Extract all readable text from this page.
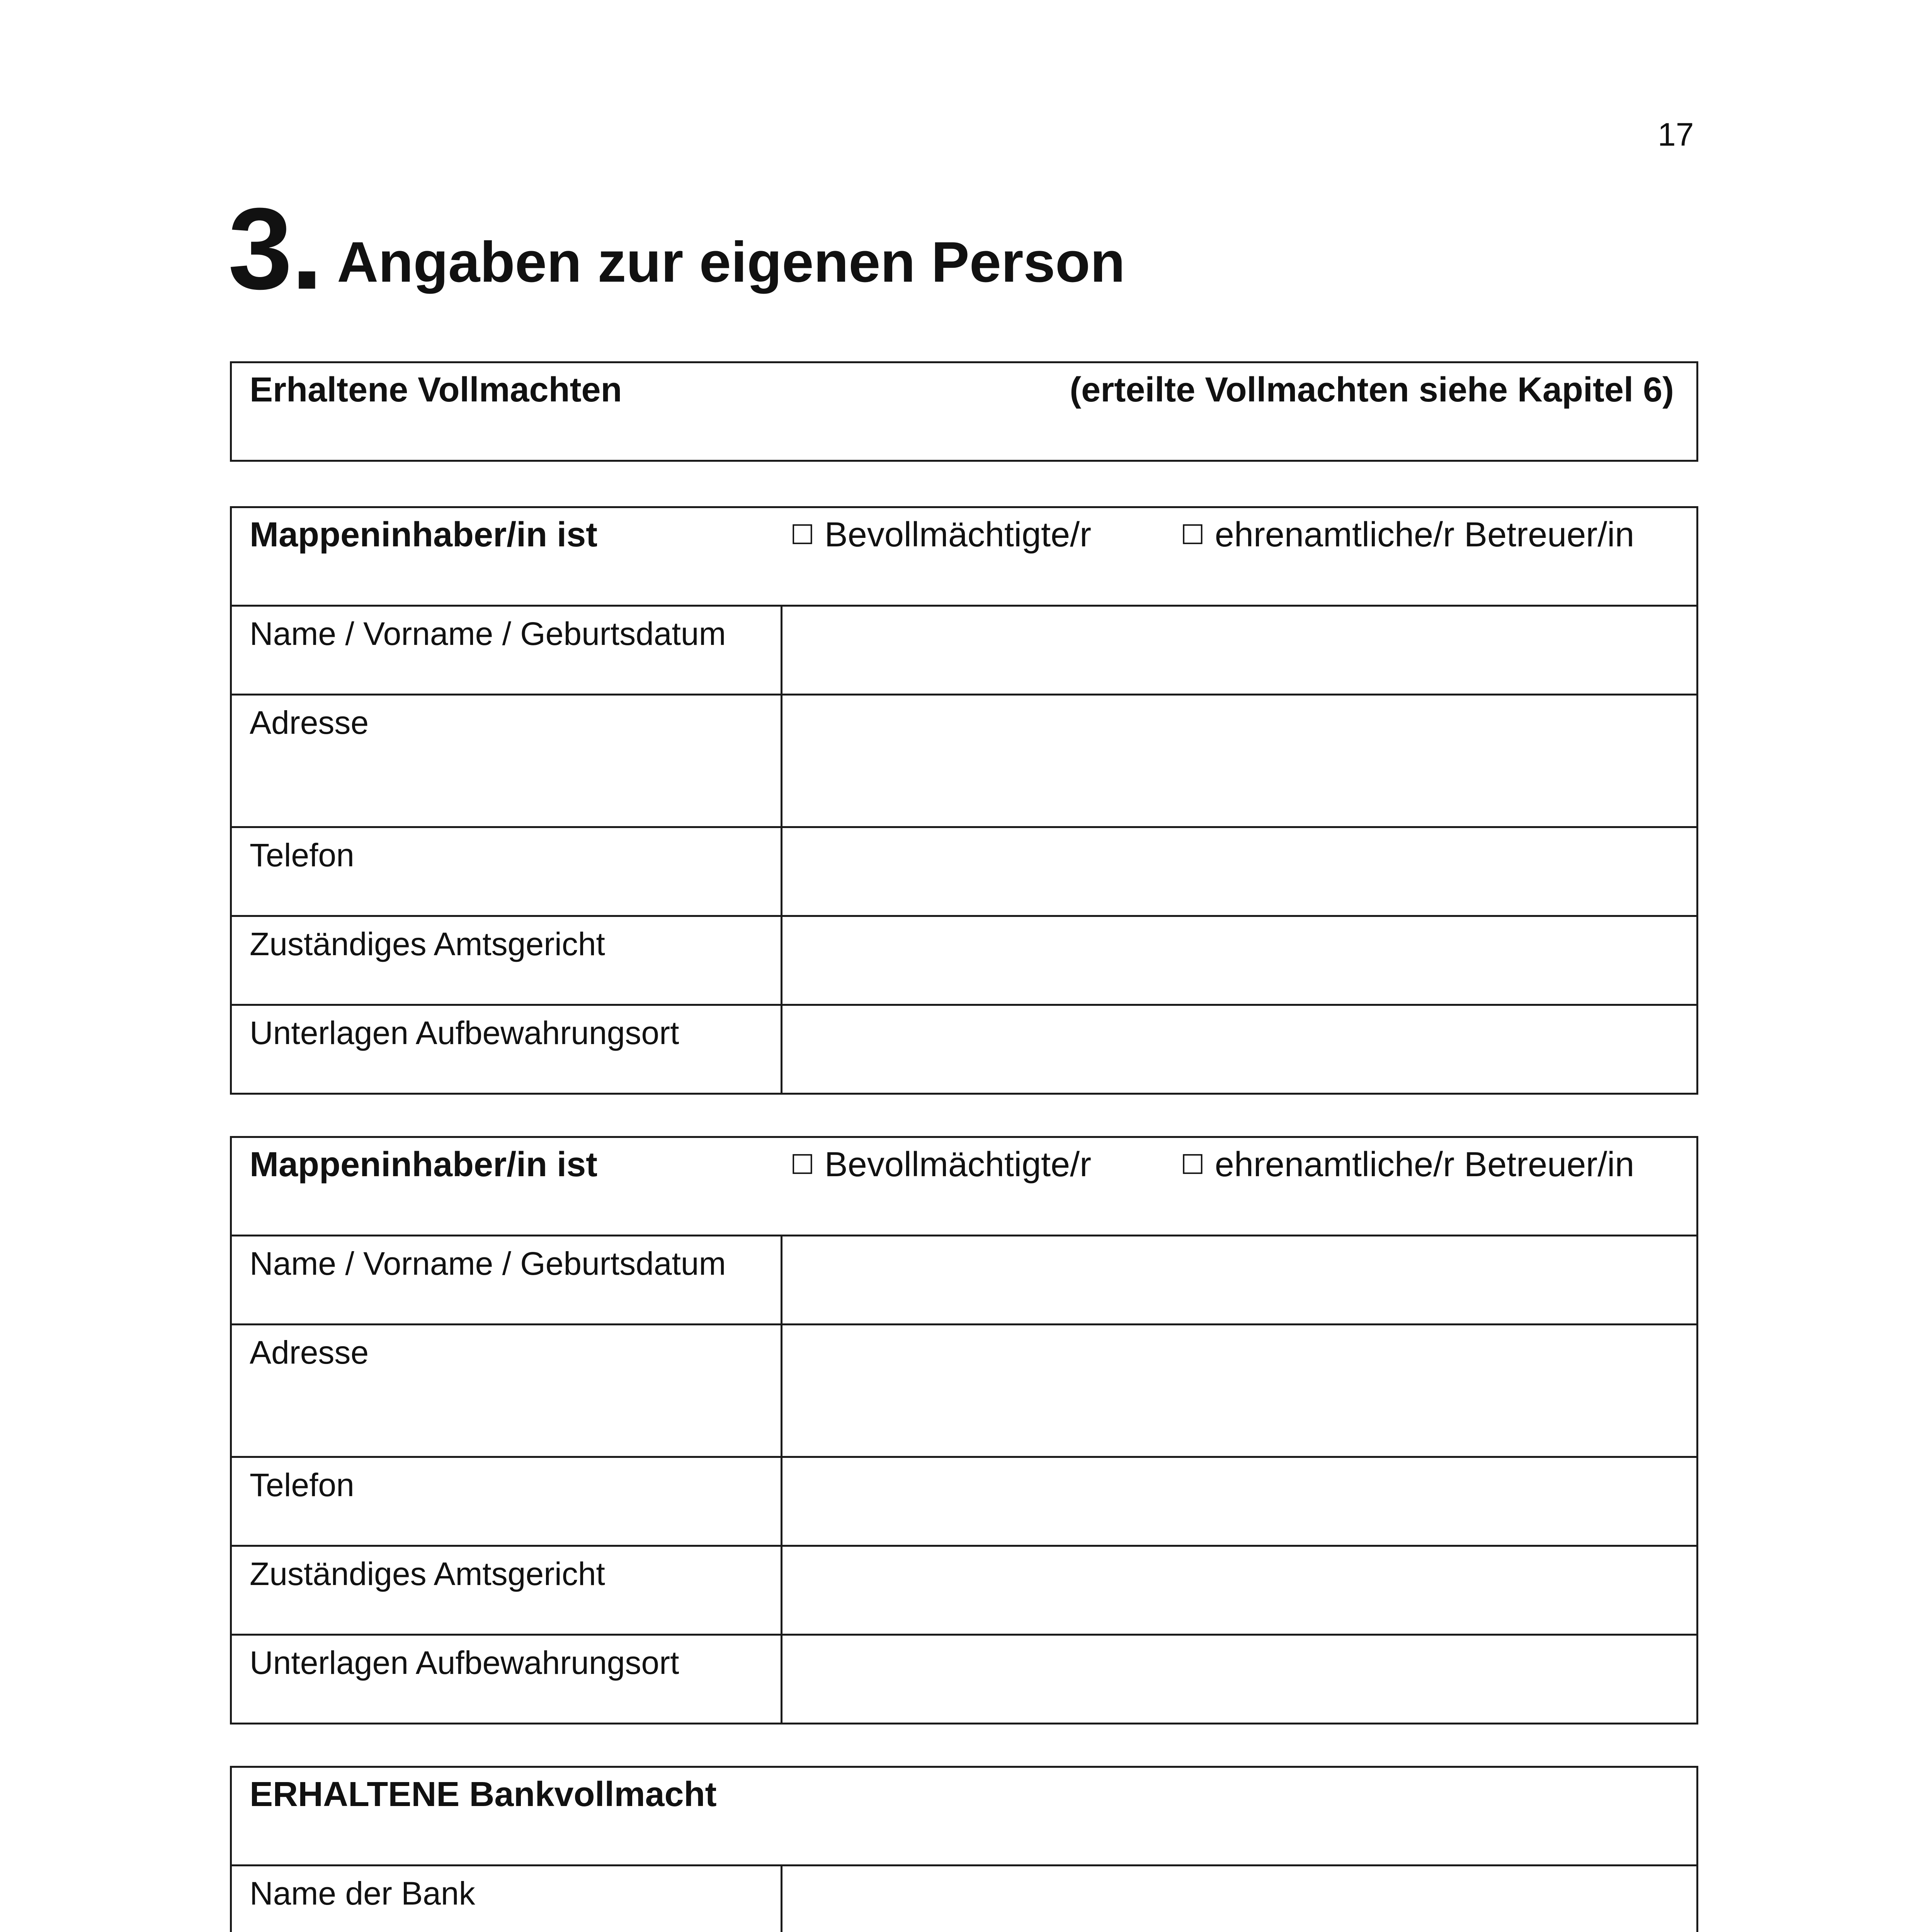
17
3. Angaben zur eigenen Person
Erhaltene Vollmachten	(erteilte Vollmachten siehe Kapitel 6)
Mappeninhaber/in ist	☐ Bevollmächtigte/r	☐ ehrenamtliche/r Betreuer/in
Name / Vorname / Geburtsdatum
Adresse
Telefon
Zuständiges Amtsgericht
Unterlagen Aufbewahrungsort
Mappeninhaber/in ist	☐ Bevollmächtigte/r	☐ ehrenamtliche/r Betreuer/in
Name / Vorname / Geburtsdatum
Adresse
Telefon
Zuständiges Amtsgericht
Unterlagen Aufbewahrungsort
ERHALTENE Bankvollmacht
Name der Bank
